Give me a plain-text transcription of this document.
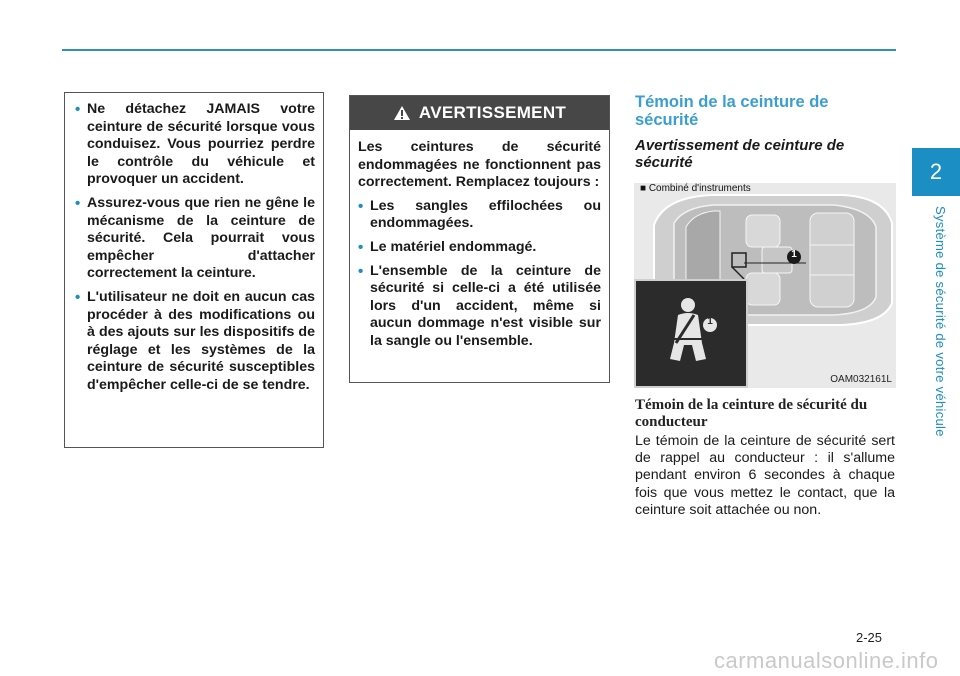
2
Système de sécurité de votre véhicule
• Ne détachez JAMAIS votre ceinture de sécurité lorsque vous conduisez. Vous pourriez perdre le contrôle du véhicule et provoquer un accident.
• Assurez-vous que rien ne gêne le mécanisme de la ceinture de sécurité. Cela pourrait vous empêcher d'attacher correctement la ceinture.
• L'utilisateur ne doit en aucun cas procéder à des modifications ou à des ajouts sur les dispositifs de réglage et les systèmes de la ceinture de sécurité susceptibles d'empêcher celle-ci de se tendre.
AVERTISSEMENT

Les ceintures de sécurité endommagées ne fonctionnent pas correctement. Remplacez toujours :

• Les sangles effilochées ou endommagées.
• Le matériel endommagé.
• L'ensemble de la ceinture de sécurité si celle-ci a été utilisée lors d'un accident, même si aucun dommage n'est visible sur la sangle ou l'ensemble.
Témoin de la ceinture de sécurité
Avertissement de ceinture de sécurité
■ Combiné d'instruments
1
1
OAM032161L
Témoin de la ceinture de sécurité du conducteur

Le témoin de la ceinture de sécurité sert de rappel au conducteur : il s'allume pendant environ 6 secondes à chaque fois que vous mettez le contact, que la ceinture soit attachée ou non.

2-25
carmanualsonline.info
